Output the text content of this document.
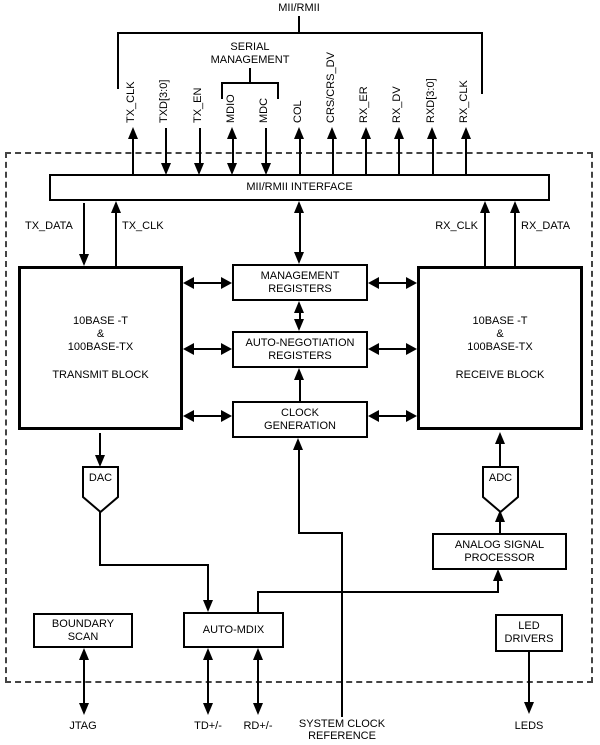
MII/RMII
SERIAL
MANAGEMENT
TX_CLK	TXD[3:0]	TX_EN	MDIO	MDC	COL	CRS/CRS_DV	RX_ER	RX_DV	RXD[3:0]	RX_CLK
MII/RMII INTERFACE
TX_DATA	TX_CLK	RX_CLK	RX_DATA
10BASE -T
&
100BASE-TX
TRANSMIT BLOCK
10BASE -T
&
100BASE-TX
RECEIVE BLOCK
MANAGEMENT
REGISTERS
AUTO-NEGOTIATION
REGISTERS
CLOCK
GENERATION
DAC	ADC
ANALOG SIGNAL
PROCESSOR
AUTO-MDIX
TD+/-	RD+/-	SYSTEM CLOCK
REFERENCE
BOUNDARY
SCAN
JTAG
LED
DRIVERS
LEDS
